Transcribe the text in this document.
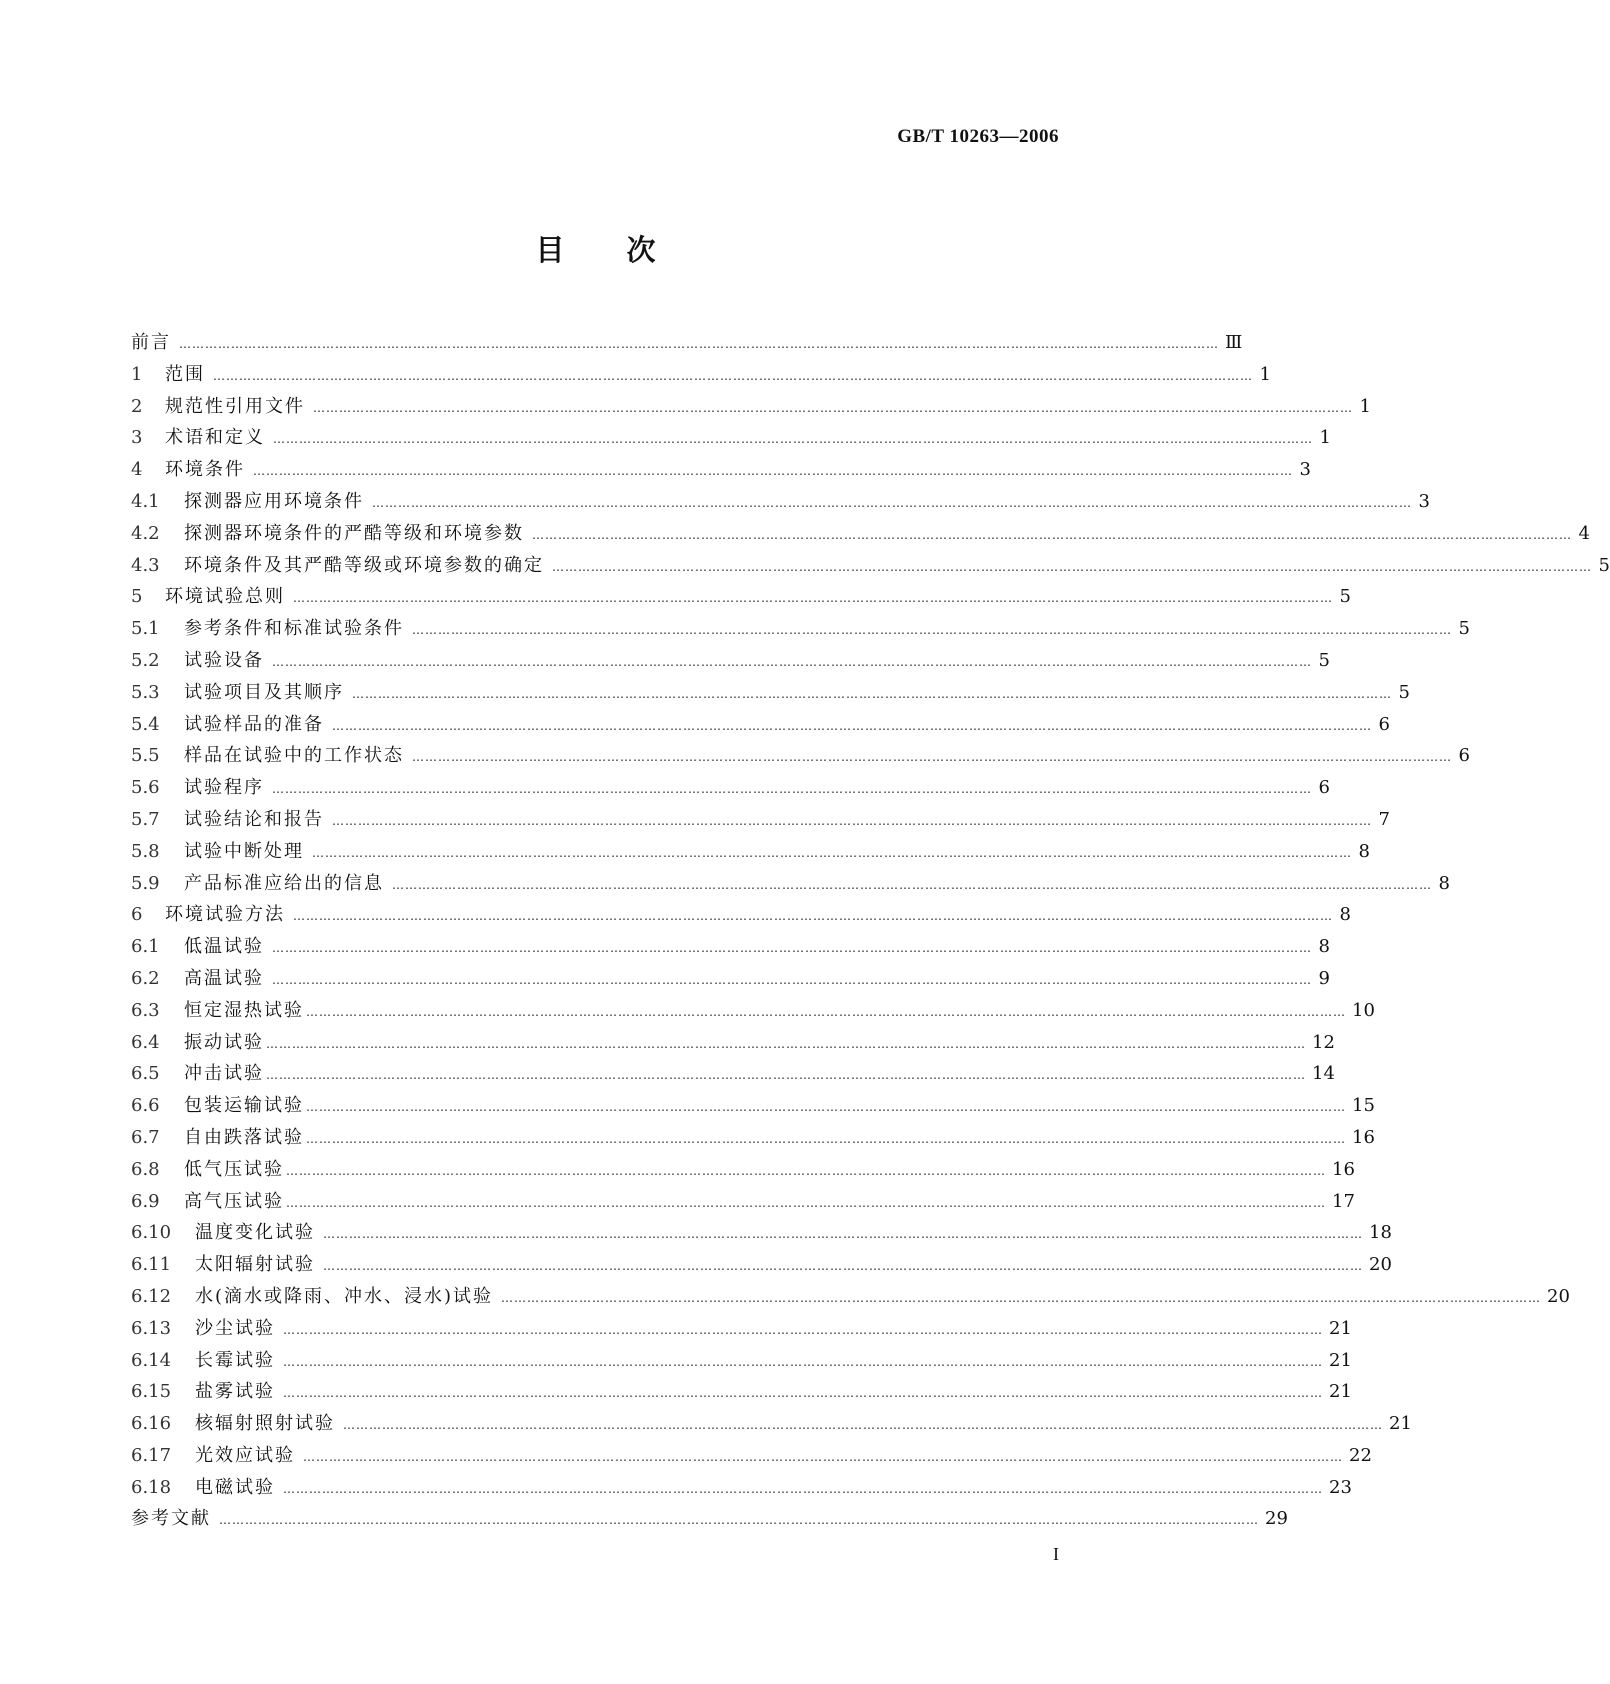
GB/T 10263—2006
目次
前言 …………………………………………………………………………………………………………………………………………………………………………………………………………………… Ⅲ
1	范围 …………………………………………………………………………………………………………………………………………………………………………………………………………………… 1
2	规范性引用文件 …………………………………………………………………………………………………………………………………………………………………………………………………………………… 1
3	术语和定义 …………………………………………………………………………………………………………………………………………………………………………………………………………………… 1
4	环境条件 …………………………………………………………………………………………………………………………………………………………………………………………………………………… 3
4.1	探测器应用环境条件 …………………………………………………………………………………………………………………………………………………………………………………………………………………… 3
4.2	探测器环境条件的严酷等级和环境参数 …………………………………………………………………………………………………………………………………………………………………………………………………………………… 4
4.3	环境条件及其严酷等级或环境参数的确定 …………………………………………………………………………………………………………………………………………………………………………………………………………………… 5
5	环境试验总则 …………………………………………………………………………………………………………………………………………………………………………………………………………………… 5
5.1	参考条件和标准试验条件 …………………………………………………………………………………………………………………………………………………………………………………………………………………… 5
5.2	试验设备 …………………………………………………………………………………………………………………………………………………………………………………………………………………… 5
5.3	试验项目及其顺序 …………………………………………………………………………………………………………………………………………………………………………………………………………………… 5
5.4	试验样品的准备 …………………………………………………………………………………………………………………………………………………………………………………………………………………… 6
5.5	样品在试验中的工作状态 …………………………………………………………………………………………………………………………………………………………………………………………………………………… 6
5.6	试验程序 …………………………………………………………………………………………………………………………………………………………………………………………………………………… 6
5.7	试验结论和报告 …………………………………………………………………………………………………………………………………………………………………………………………………………………… 7
5.8	试验中断处理 …………………………………………………………………………………………………………………………………………………………………………………………………………………… 8
5.9	产品标准应给出的信息 …………………………………………………………………………………………………………………………………………………………………………………………………………………… 8
6	环境试验方法 …………………………………………………………………………………………………………………………………………………………………………………………………………………… 8
6.1	低温试验 …………………………………………………………………………………………………………………………………………………………………………………………………………………… 8
6.2	高温试验 …………………………………………………………………………………………………………………………………………………………………………………………………………………… 9
6.3	恒定湿热试验 …………………………………………………………………………………………………………………………………………………………………………………………………………………… 10
6.4	振动试验 …………………………………………………………………………………………………………………………………………………………………………………………………………………… 12
6.5	冲击试验 …………………………………………………………………………………………………………………………………………………………………………………………………………………… 14
6.6	包装运输试验 …………………………………………………………………………………………………………………………………………………………………………………………………………………… 15
6.7	自由跌落试验 …………………………………………………………………………………………………………………………………………………………………………………………………………………… 16
6.8	低气压试验 …………………………………………………………………………………………………………………………………………………………………………………………………………………… 16
6.9	高气压试验 …………………………………………………………………………………………………………………………………………………………………………………………………………………… 17
6.10	温度变化试验 …………………………………………………………………………………………………………………………………………………………………………………………………………………… 18
6.11	太阳辐射试验 …………………………………………………………………………………………………………………………………………………………………………………………………………………… 20
6.12	水(滴水或降雨、冲水、浸水)试验 …………………………………………………………………………………………………………………………………………………………………………………………………………………… 20
6.13	沙尘试验 …………………………………………………………………………………………………………………………………………………………………………………………………………………… 21
6.14	长霉试验 …………………………………………………………………………………………………………………………………………………………………………………………………………………… 21
6.15	盐雾试验 …………………………………………………………………………………………………………………………………………………………………………………………………………………… 21
6.16	核辐射照射试验 …………………………………………………………………………………………………………………………………………………………………………………………………………………… 21
6.17	光效应试验 …………………………………………………………………………………………………………………………………………………………………………………………………………………… 22
6.18	电磁试验 …………………………………………………………………………………………………………………………………………………………………………………………………………………… 23
参考文献 …………………………………………………………………………………………………………………………………………………………………………………………………………………… 29
I
